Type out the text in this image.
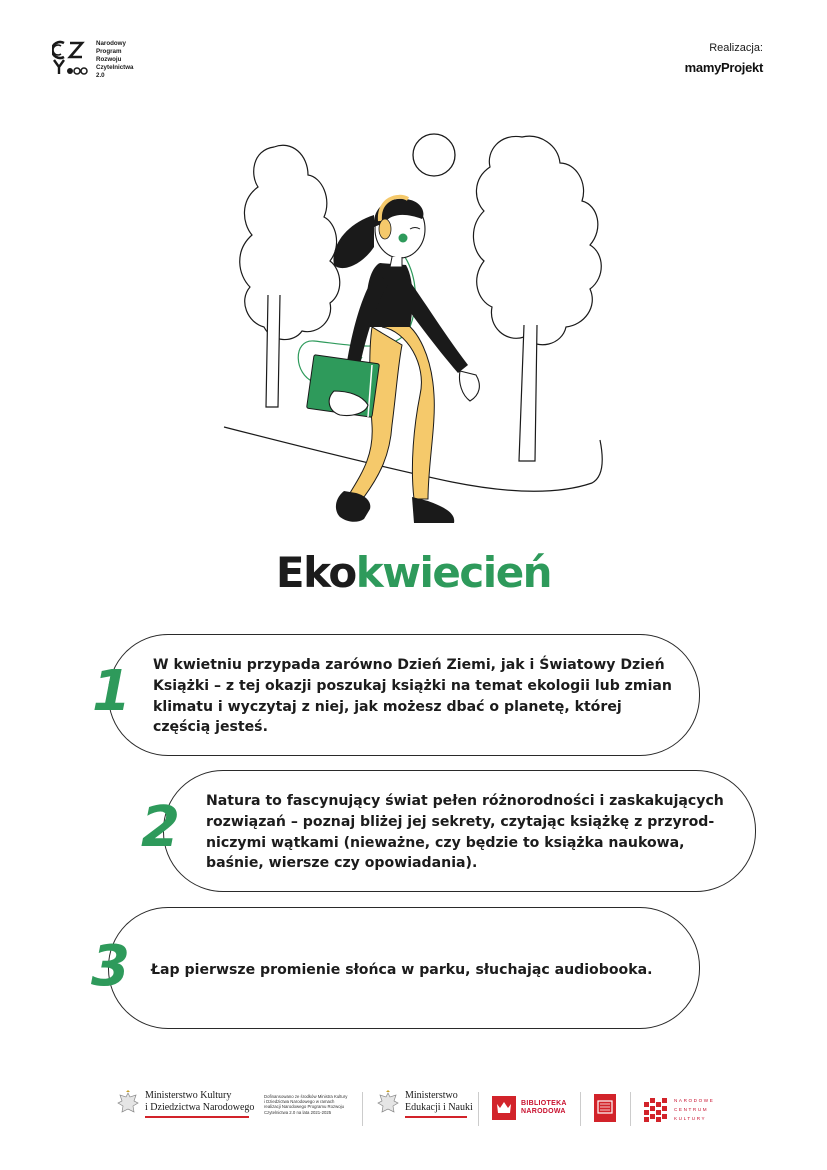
Narodowy
Program
Rozwoju
Czytelnictwa
2.0
Realizacja:
mamyProjekt
Ekokwiecień
1 W kwietniu przypada zarówno Dzień Ziemi, jak i Światowy Dzień Książki – z tej okazji poszukaj książki na temat ekologii lub zmian klimatu i wyczytaj z niej, jak możesz dbać o planetę, której częścią jesteś.
2 Natura to fascynujący świat pełen różnorodności i zaskakujących rozwiązań – poznaj bliżej jej sekrety, czytając książkę z przyrod-niczymi wątkami (nieważne, czy będzie to książka naukowa, baśnie, wiersze czy opowiadania).
3 Łap pierwsze promienie słońca w parku, słuchając audiobooka.
Ministerstwo Kultury
i Dziedzictwa Narodowego
Dofinansowano ze środków Ministra Kultury
i Dziedzictwa Narodowego w ramach
realizacji Narodowego Programu Rozwoju
Czytelnictwa 2.0 na lata 2021-2025
Ministerstwo
Edukacji i Nauki	BIBLIOTEKA
NARODOWA
NARODOWE
CENTRUM
KULTURY
